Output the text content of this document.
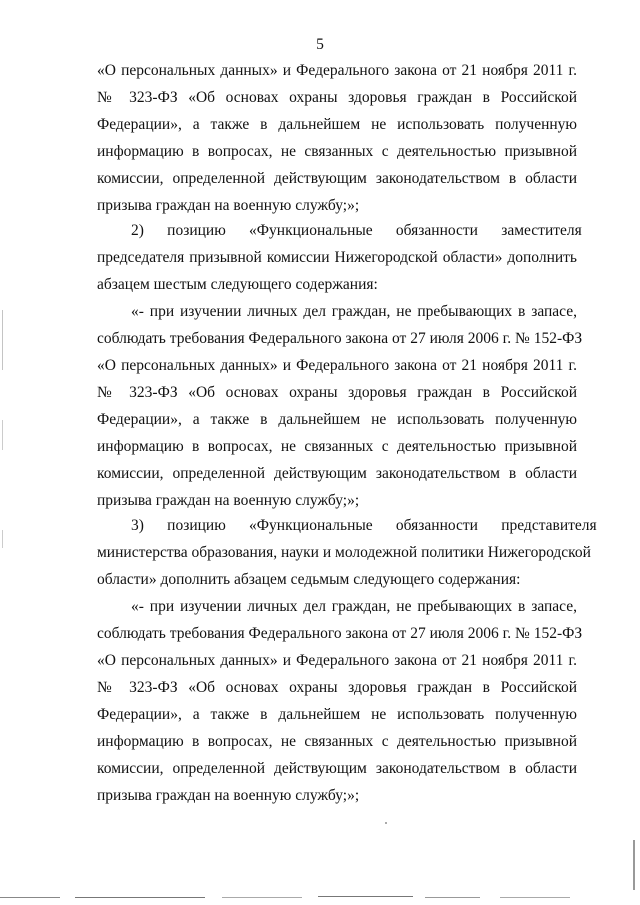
5
«О персональных данных» и Федерального закона от 21 ноября 2011 г.
№ 323-ФЗ «Об основах охраны здоровья граждан в Российской
Федерации», а также в дальнейшем не использовать полученную
информацию в вопросах, не связанных с деятельностью призывной
комиссии, определенной действующим законодательством в области
призыва граждан на военную службу;»;
2)      позицию      «Функциональные      обязанности      заместителя
председателя призывной комиссии Нижегородской области» дополнить
абзацем шестым следующего содержания:
«- при изучении личных дел граждан, не пребывающих в запасе,
соблюдать требования Федерального закона от 27 июля 2006 г. № 152-ФЗ
«О персональных данных» и Федерального закона от 21 ноября 2011 г.
№ 323-ФЗ «Об основах охраны здоровья граждан в Российской
Федерации», а также в дальнейшем не использовать полученную
информацию в вопросах, не связанных с деятельностью призывной
комиссии, определенной действующим законодательством в области
призыва граждан на военную службу;»;
3)      позицию      «Функциональные      обязанности      представителя
министерства образования, науки и молодежной политики Нижегородской
области» дополнить абзацем седьмым следующего содержания:
«- при изучении личных дел граждан, не пребывающих в запасе,
соблюдать требования Федерального закона от 27 июля 2006 г. № 152-ФЗ
«О персональных данных» и Федерального закона от 21 ноября 2011 г.
№ 323-ФЗ «Об основах охраны здоровья граждан в Российской
Федерации», а также в дальнейшем не использовать полученную
информацию в вопросах, не связанных с деятельностью призывной
комиссии, определенной действующим законодательством в области
призыва граждан на военную службу;»;
